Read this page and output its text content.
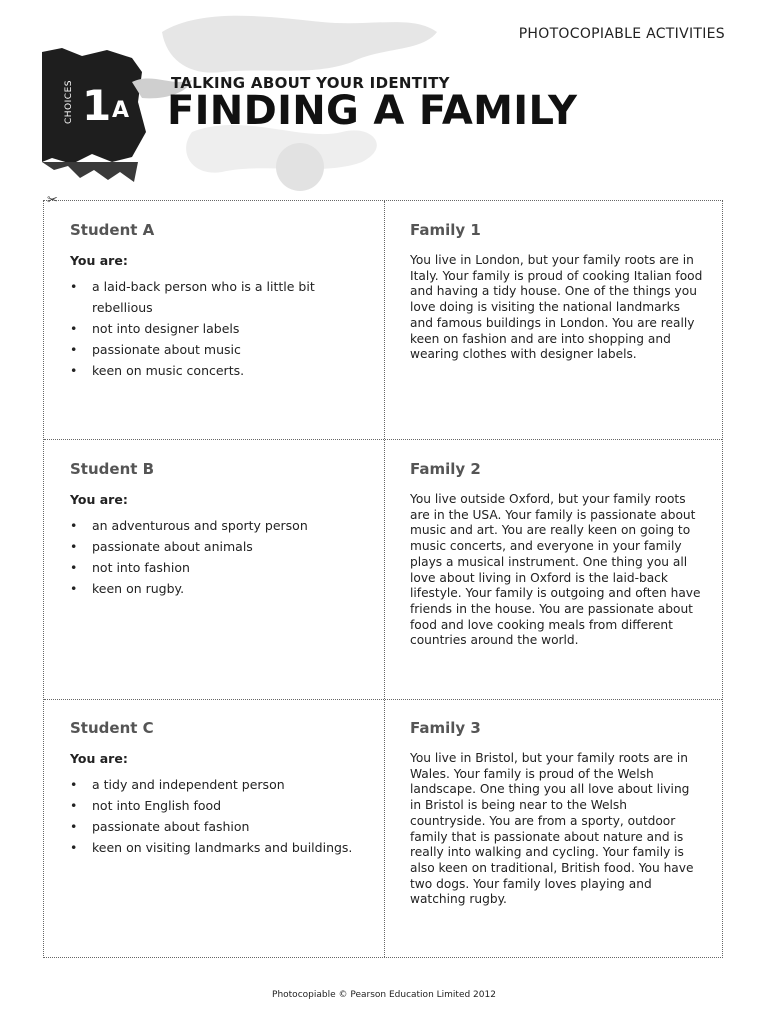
PHOTOCOPIABLE ACTIVITIES
CHOICES 1 A
TALKING ABOUT YOUR IDENTITY
FINDING A FAMILY
✂
Student A
You are:
• a laid-back person who is a little bit rebellious
• not into designer labels
• passionate about music
• keen on music concerts.
Family 1

You live in London, but your family roots are in Italy. Your family is proud of cooking Italian food and having a tidy house. One of the things you love doing is visiting the national landmarks and famous buildings in London. You are really keen on fashion and are into shopping and wearing clothes with designer labels.

Student B
You are:
• an adventurous and sporty person
• passionate about animals
• not into fashion
• keen on rugby.
Family 2

You live outside Oxford, but your family roots are in the USA. Your family is passionate about music and art. You are really keen on going to music concerts, and everyone in your family plays a musical instrument. One thing you all love about living in Oxford is the laid-back lifestyle. Your family is outgoing and often have friends in the house. You are passionate about food and love cooking meals from different countries around the world.

Student C
You are:
• a tidy and independent person
• not into English food
• passionate about fashion
• keen on visiting landmarks and buildings.
Family 3

You live in Bristol, but your family roots are in Wales. Your family is proud of the Welsh landscape. One thing you all love about living in Bristol is being near to the Welsh countryside. You are from a sporty, outdoor family that is passionate about nature and is really into walking and cycling. Your family is also keen on traditional, British food. You have two dogs. Your family loves playing and watching rugby.

Photocopiable © Pearson Education Limited 2012
